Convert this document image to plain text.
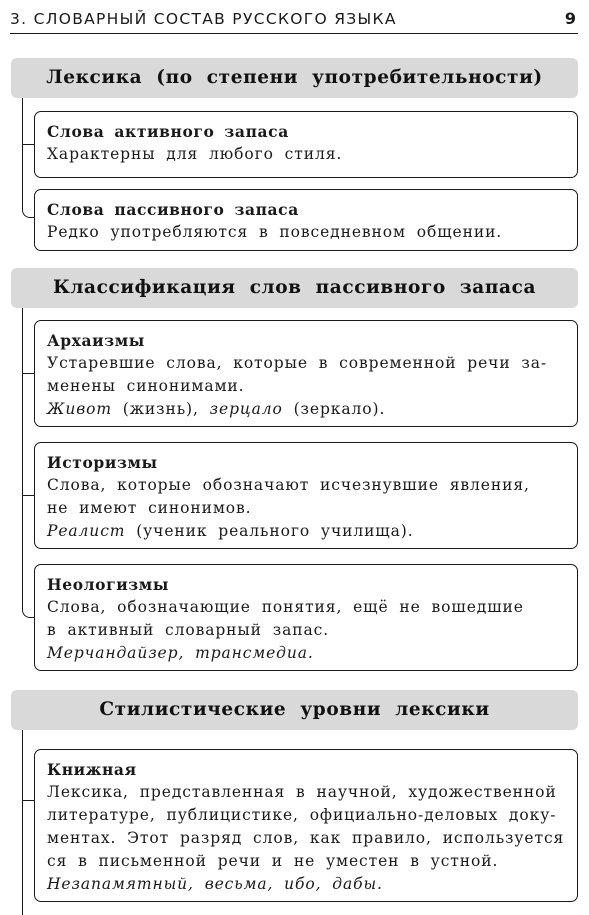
3. СЛОВАРНЫЙ СОСТАВ РУССКОГО ЯЗЫКА	9
Лексика (по степени употребительности)
Слова активного запаса
Характерны для любого стиля.
Слова пассивного запаса
Редко употребляются в повседневном общении.
Классификация слов пассивного запаса
Архаизмы
Устаревшие слова, которые в современной речи за-
менены синонимами.
Живот (жизнь), зерцало (зеркало).
Историзмы
Слова, которые обозначают исчезнувшие явления,
не имеют синонимов.
Реалист (ученик реального училища).
Неологизмы
Слова, обозначающие понятия, ещё не вошедшие
в активный словарный запас.
Мерчандайзер, трансмедиа.
Стилистические уровни лексики
Книжная
Лексика, представленная в научной, художественной
литературе, публицистике, официально-деловых доку-
ментах. Этот разряд слов, как правило, используется
ся в письменной речи и не уместен в устной.
Незапамятный, весьма, ибо, дабы.
